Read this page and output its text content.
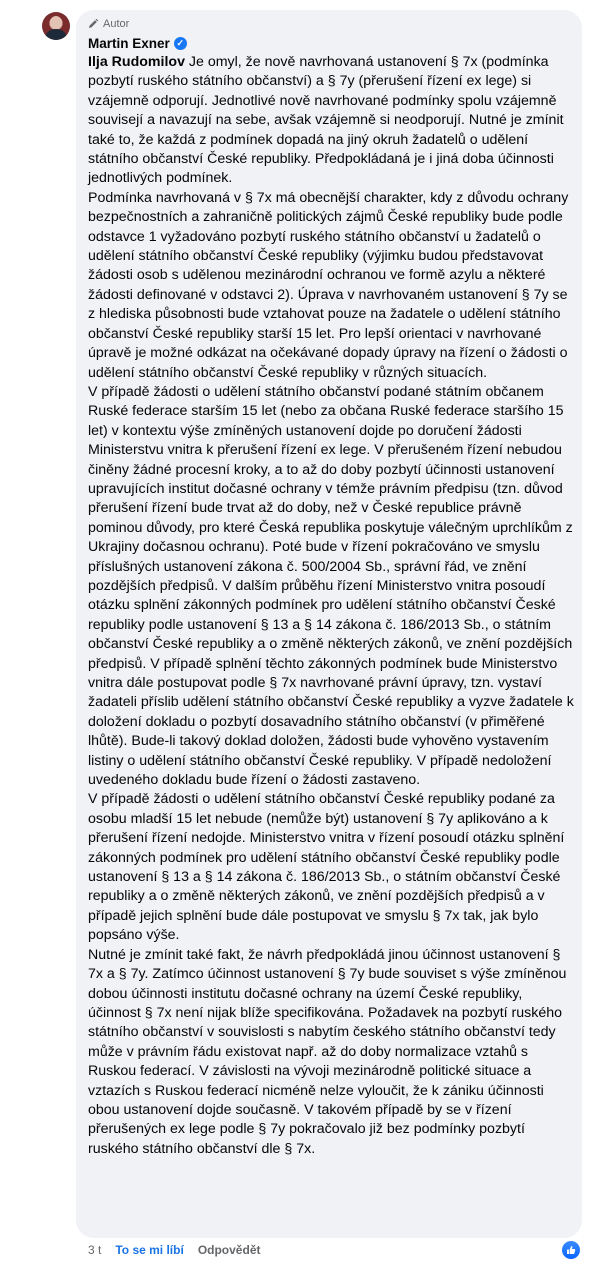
Autor
Martin Exner ✓

Ilja Rudomilov Je omyl, že nově navrhovaná ustanovení § 7x (podmínka pozbytí ruského státního občanství) a § 7y (přerušení řízení ex lege) si vzájemně odporují. Jednotlivé nově navrhované podmínky spolu vzájemně souvisejí a navazují na sebe, avšak vzájemně si neodporují. Nutné je zmínit také to, že každá z podmínek dopadá na jiný okruh žadatelů o udělení státního občanství České republiky. Předpokládaná je i jiná doba účinnosti jednotlivých podmínek.

Podmínka navrhovaná v § 7x má obecnější charakter, kdy z důvodu ochrany bezpečnostních a zahraničně politických zájmů České republiky bude podle odstavce 1 vyžadováno pozbytí ruského státního občanství u žadatelů o udělení státního občanství České republiky (výjimku budou představovat žádosti osob s udělenou mezinárodní ochranou ve formě azylu a některé žádosti definované v odstavci 2). Úprava v navrhovaném ustanovení § 7y se z hlediska působnosti bude vztahovat pouze na žadatele o udělení státního občanství České republiky starší 15 let. Pro lepší orientaci v navrhované úpravě je možné odkázat na očekávané dopady úpravy na řízení o žádosti o udělení státního občanství České republiky v různých situacích.

V případě žádosti o udělení státního občanství podané státním občanem Ruské federace starším 15 let (nebo za občana Ruské federace staršího 15 let) v kontextu výše zmíněných ustanovení dojde po doručení žádosti Ministerstvu vnitra k přerušení řízení ex lege. V přerušeném řízení nebudou činěny žádné procesní kroky, a to až do doby pozbytí účinnosti ustanovení upravujících institut dočasné ochrany v témže právním předpisu (tzn. důvod přerušení řízení bude trvat až do doby, než v České republice právně pominou důvody, pro které Česká republika poskytuje válečným uprchlíkům z Ukrajiny dočasnou ochranu). Poté bude v řízení pokračováno ve smyslu příslušných ustanovení zákona č. 500/2004 Sb., správní řád, ve znění pozdějších předpisů. V dalším průběhu řízení Ministerstvo vnitra posoudí otázku splnění zákonných podmínek pro udělení státního občanství České republiky podle ustanovení § 13 a § 14 zákona č. 186/2013 Sb., o státním občanství České republiky a o změně některých zákonů, ve znění pozdějších předpisů. V případě splnění těchto zákonných podmínek bude Ministerstvo vnitra dále postupovat podle § 7x navrhované právní úpravy, tzn. vystaví žadateli příslib udělení státního občanství České republiky a vyzve žadatele k doložení dokladu o pozbytí dosavadního státního občanství (v přiměřené lhůtě). Bude-li takový doklad doložen, žádosti bude vyhověno vystavením listiny o udělení státního občanství České republiky. V případě nedoložení uvedeného dokladu bude řízení o žádosti zastaveno.

V případě žádosti o udělení státního občanství České republiky podané za osobu mladší 15 let nebude (nemůže být) ustanovení § 7y aplikováno a k přerušení řízení nedojde. Ministerstvo vnitra v řízení posoudí otázku splnění zákonných podmínek pro udělení státního občanství České republiky podle ustanovení § 13 a § 14 zákona č. 186/2013 Sb., o státním občanství České republiky a o změně některých zákonů, ve znění pozdějších předpisů a v případě jejich splnění bude dále postupovat ve smyslu § 7x tak, jak bylo popsáno výše.

Nutné je zmínit také fakt, že návrh předpokládá jinou účinnost ustanovení § 7x a § 7y. Zatímco účinnost ustanovení § 7y bude souviset s výše zmíněnou dobou účinnosti institutu dočasné ochrany na území České republiky, účinnost § 7x není nijak blíže specifikována. Požadavek na pozbytí ruského státního občanství v souvislosti s nabytím českého státního občanství tedy může v právním řádu existovat např. až do doby normalizace vztahů s Ruskou federací. V závislosti na vývoji mezinárodně politické situace a vztazích s Ruskou federací nicméně nelze vyloučit, že k zániku účinnosti obou ustanovení dojde současně. V takovém případě by se v řízení přerušených ex lege podle § 7y pokračovalo již bez podmínky pozbytí ruského státního občanství dle § 7x.

3 t To se mi líbí Odpovědět
